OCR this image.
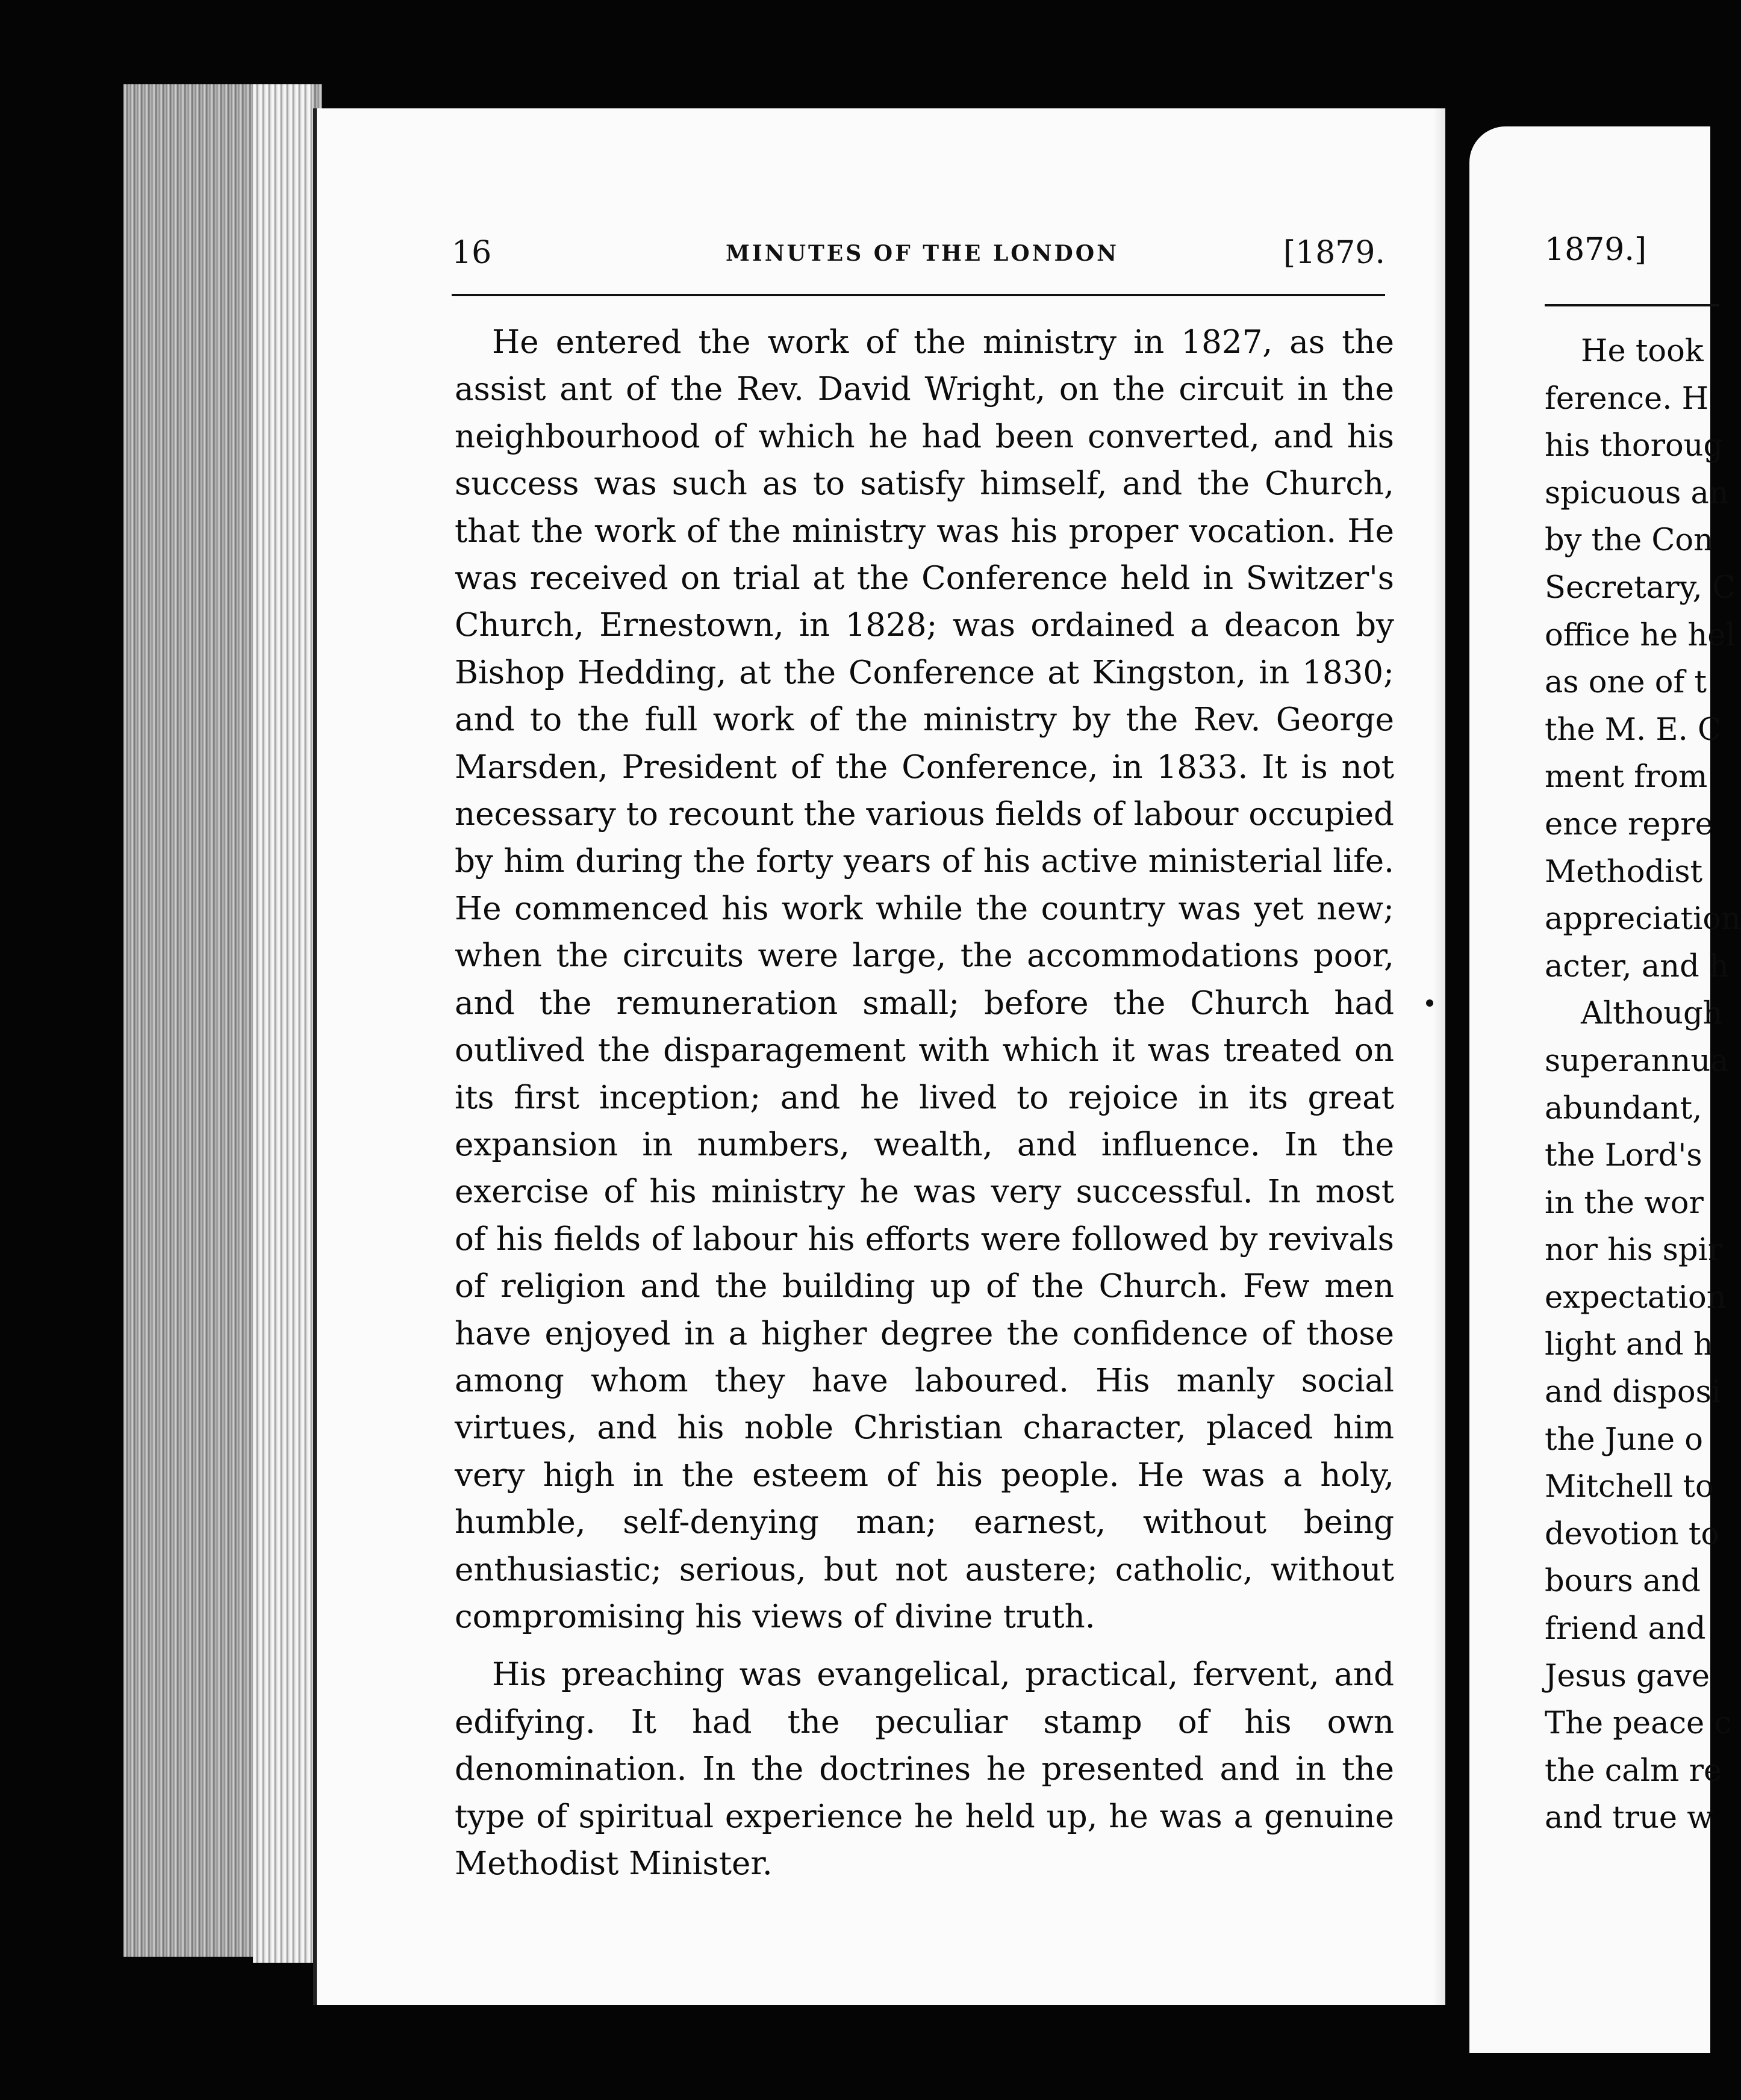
16	MINUTES OF THE LONDON	[1879.

He entered the work of the ministry in 1827, as the assist ant of the Rev. David Wright, on the circuit in the neighbourhood of which he had been converted, and his success was such as to satisfy himself, and the Church, that the work of the ministry was his proper vocation. He was received on trial at the Conference held in Switzer's Church, Ernestown, in 1828; was ordained a deacon by Bishop Hedding, at the Conference at Kingston, in 1830; and to the full work of the ministry by the Rev. George Marsden, President of the Conference, in 1833. It is not necessary to recount the various fields of labour occupied by him during the forty years of his active ministerial life. He commenced his work while the country was yet new; when the circuits were large, the accommodations poor, and the remuneration small; before the Church had outlived the disparagement with which it was treated on its first inception; and he lived to rejoice in its great expansion in numbers, wealth, and influence. In the exercise of his ministry he was very successful. In most of his fields of labour his efforts were followed by revivals of religion and the building up of the Church. Few men have enjoyed in a higher degree the confidence of those among whom they have laboured. His manly social virtues, and his noble Christian character, placed him very high in the esteem of his people. He was a holy, humble, self-denying man; earnest, without being enthusiastic; serious, but not austere; catholic, without compromising his views of divine truth.

His preaching was evangelical, practical, fervent, and edifying. It had the peculiar stamp of his own denomination. In the doctrines he presented and in the type of spiritual experience he held up, he was a genuine Methodist Minister.

1879.]
He took
ference. H
his thoroug
spicuous an
by the Con
Secretary, C
office he hel
as one of t
the M. E. C
ment from
ence repre
Methodist
appreciation
acter, and h
Although
superannua
abundant,
the Lord's
in the wor
nor his spir
expectation
light and h
and disposi
the June o
Mitchell to
devotion to
bours and
friend and
Jesus gave
The peace c
the calm re
and true w
